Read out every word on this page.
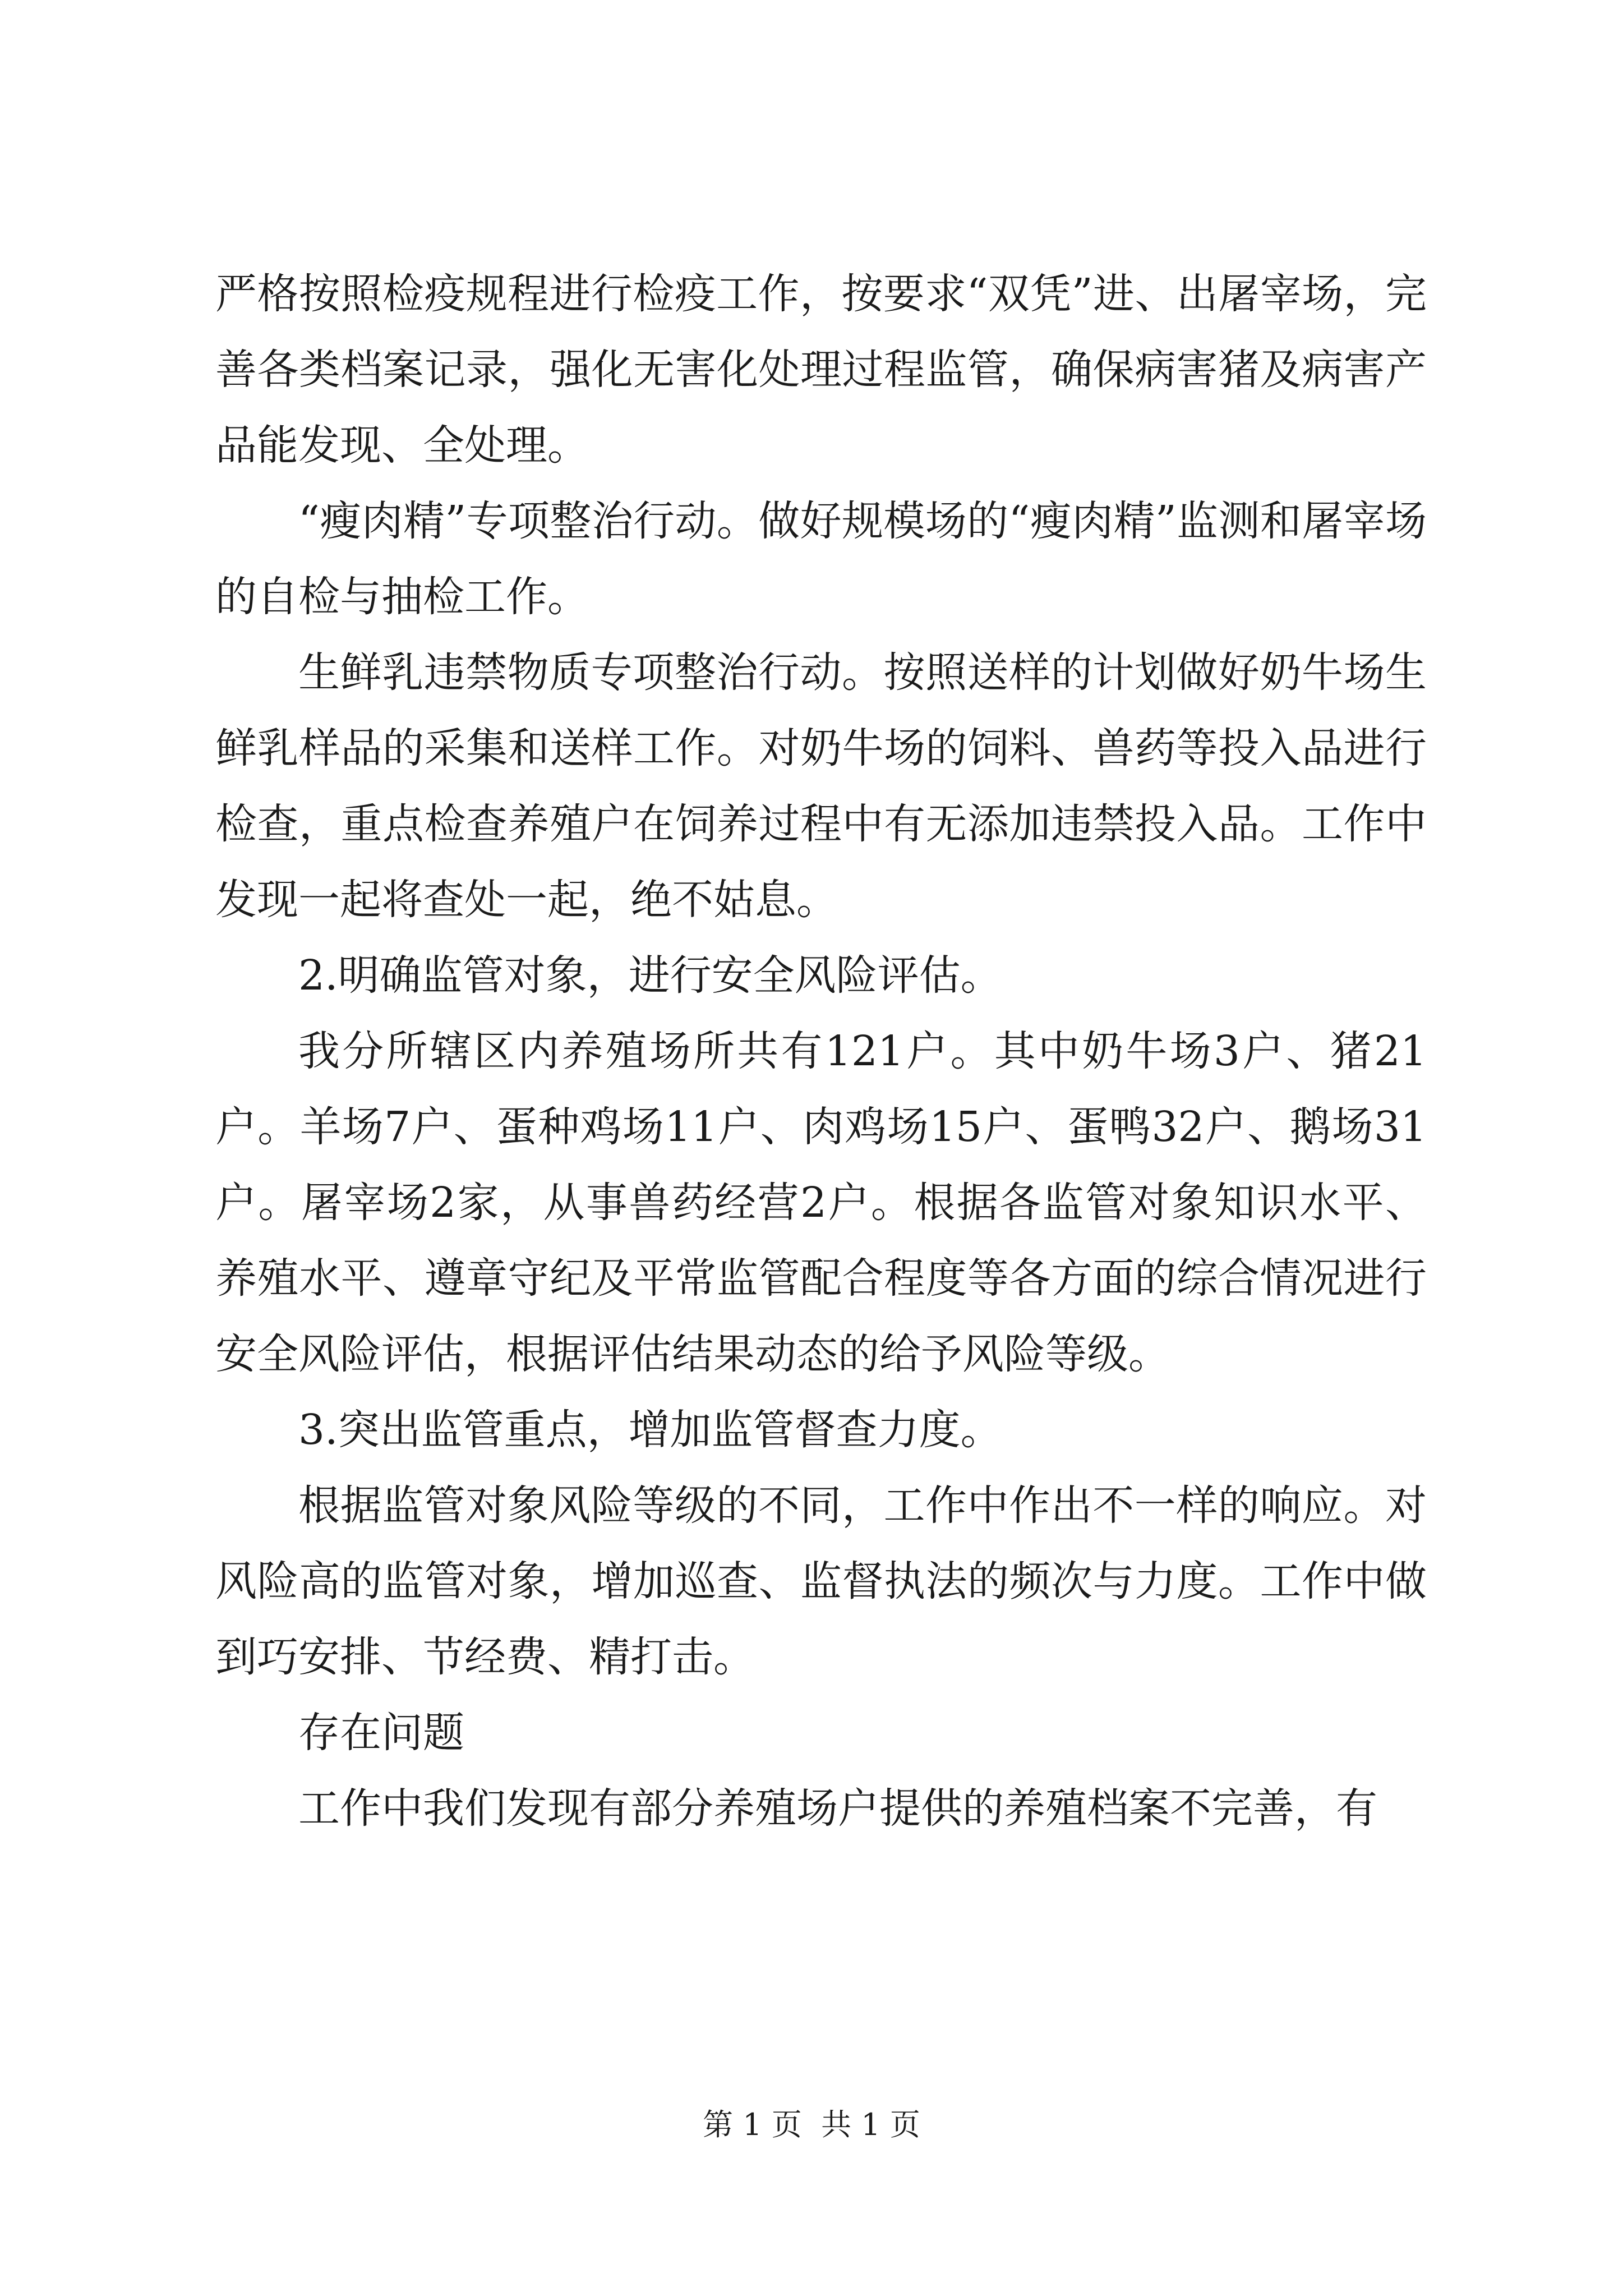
严格按照检疫规程进行检疫工作，按要求“双凭”进、出屠宰场，完善各类档案记录，强化无害化处理过程监管，确保病害猪及病害产品能发现、全处理。

“瘦肉精”专项整治行动。做好规模场的“瘦肉精”监测和屠宰场的自检与抽检工作。

生鲜乳违禁物质专项整治行动。按照送样的计划做好奶牛场生鲜乳样品的采集和送样工作。对奶牛场的饲料、兽药等投入品进行检查，重点检查养殖户在饲养过程中有无添加违禁投入品。工作中发现一起将查处一起，绝不姑息。

2.明确监管对象，进行安全风险评估。

我分所辖区内养殖场所共有121户。其中奶牛场3户、猪21户。羊场7户、蛋种鸡场11户、肉鸡场15户、蛋鸭32户、鹅场31户。屠宰场2家，从事兽药经营2户。根据各监管对象知识水平、养殖水平、遵章守纪及平常监管配合程度等各方面的综合情况进行安全风险评估，根据评估结果动态的给予风险等级。

3.突出监管重点，增加监管督查力度。

根据监管对象风险等级的不同，工作中作出不一样的响应。对风险高的监管对象，增加巡查、监督执法的频次与力度。工作中做到巧安排、节经费、精打击。

存在问题

工作中我们发现有部分养殖场户提供的养殖档案不完善，有

第 1 页  共 1 页
